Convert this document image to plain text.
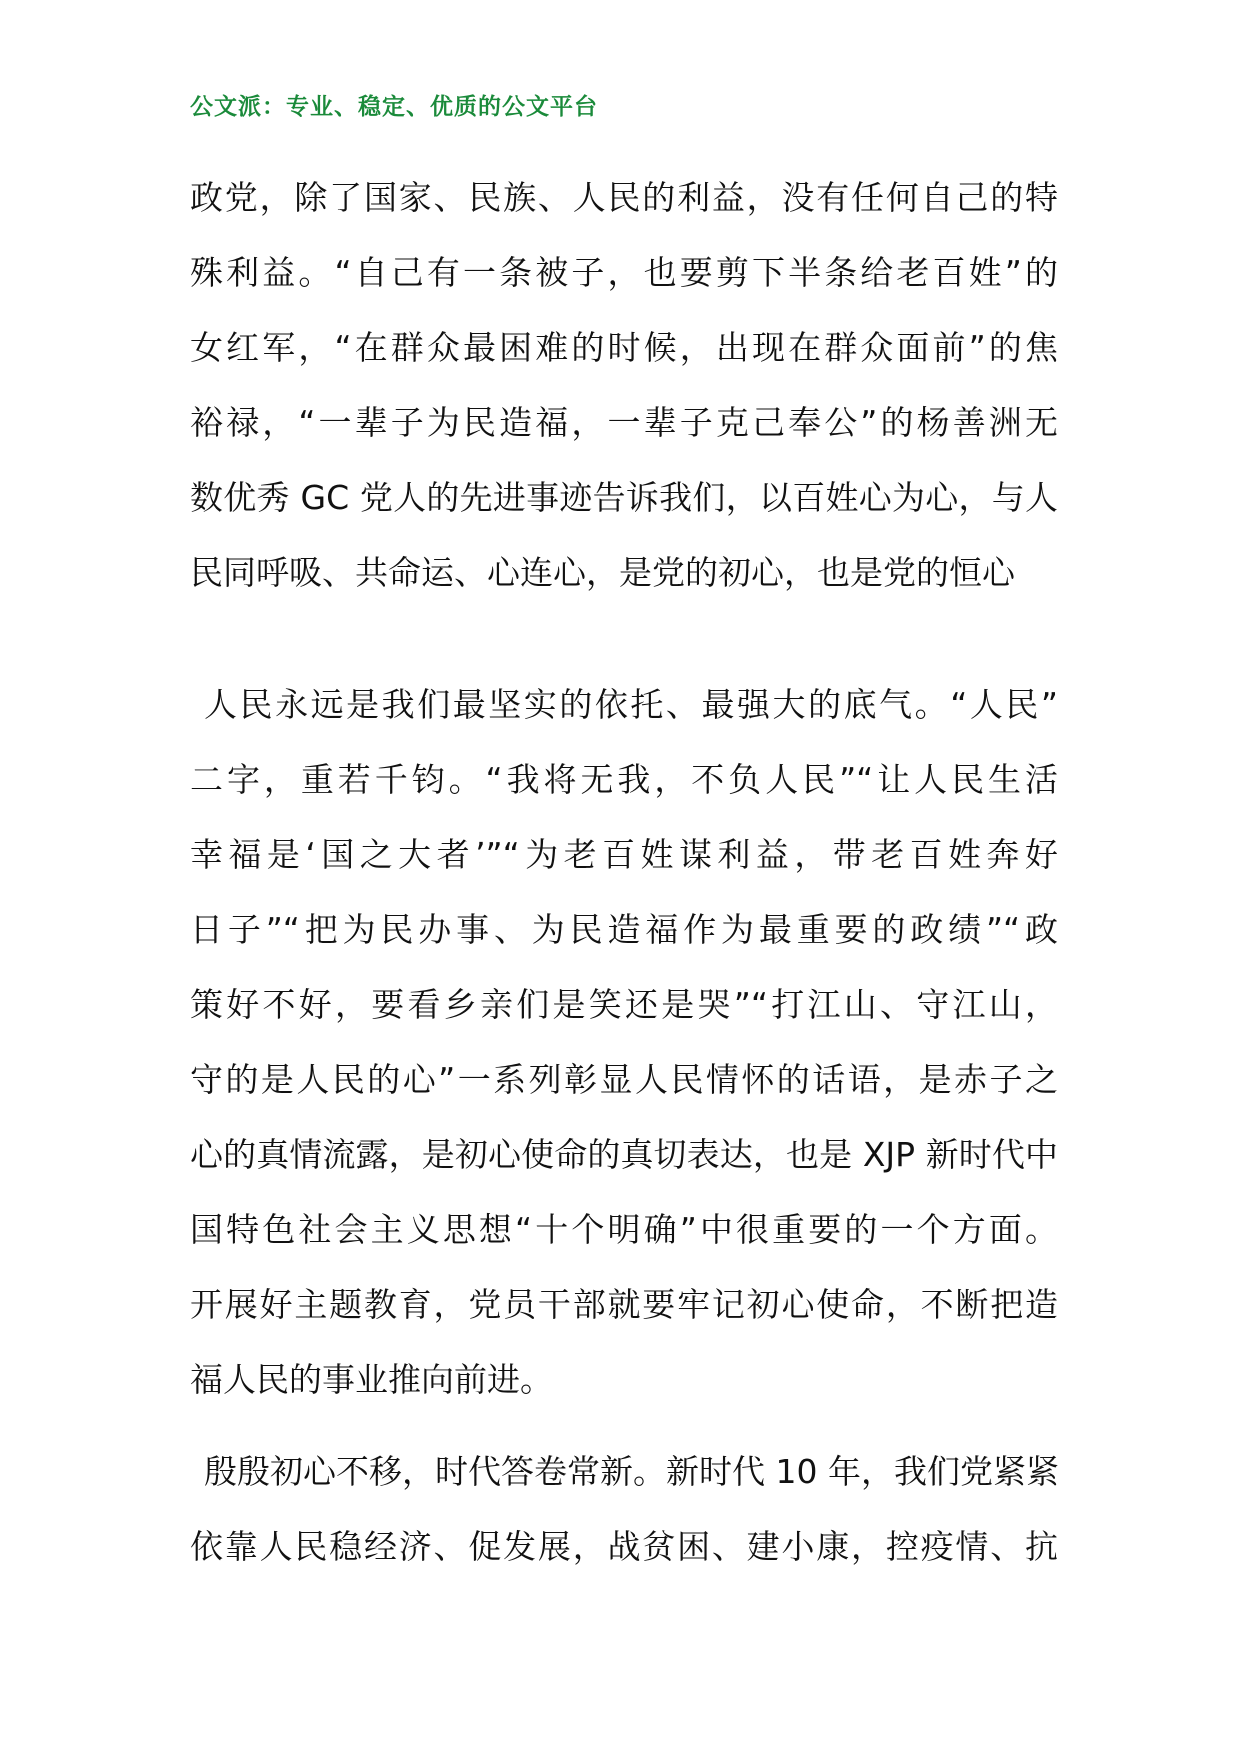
公文派：专业、稳定、优质的公文平台
政党，除了国家、民族、人民的利益，没有任何自己的特
殊利益。“自己有一条被子，也要剪下半条给老百姓”的
女红军，“在群众最困难的时候，出现在群众面前”的焦
裕禄，“一辈子为民造福，一辈子克己奉公”的杨善洲无
数优秀 GC 党人的先进事迹告诉我们，以百姓心为心，与人
民同呼吸、共命运、心连心，是党的初心，也是党的恒心
人民永远是我们最坚实的依托、最强大的底气。“人民”
二字，重若千钧。“我将无我，不负人民”“让人民生活
幸福是‘国之大者’”“为老百姓谋利益，带老百姓奔好
日子”“把为民办事、为民造福作为最重要的政绩”“政
策好不好，要看乡亲们是笑还是哭”“打江山、守江山，
守的是人民的心”一系列彰显人民情怀的话语，是赤子之
心的真情流露，是初心使命的真切表达，也是 XJP 新时代中
国特色社会主义思想“十个明确”中很重要的一个方面。
开展好主题教育，党员干部就要牢记初心使命，不断把造
福人民的事业推向前进。
殷殷初心不移，时代答卷常新。新时代 10 年，我们党紧紧
依靠人民稳经济、促发展，战贫困、建小康，控疫情、抗
